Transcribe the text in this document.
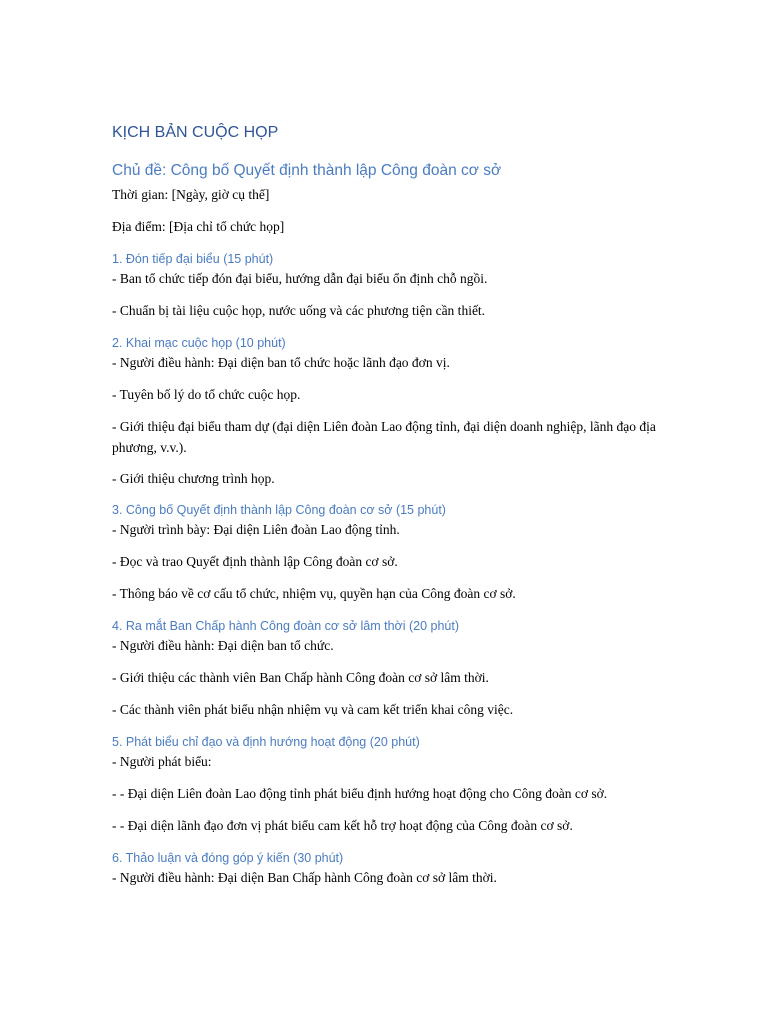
KỊCH BẢN CUỘC HỌP
Chủ đề: Công bố Quyết định thành lập Công đoàn cơ sở

Thời gian: [Ngày, giờ cụ thể]

Địa điểm: [Địa chỉ tổ chức họp]

1. Đón tiếp đại biểu (15 phút)

- Ban tổ chức tiếp đón đại biểu, hướng dẫn đại biểu ổn định chỗ ngồi.

- Chuẩn bị tài liệu cuộc họp, nước uống và các phương tiện cần thiết.

2. Khai mạc cuộc họp (10 phút)

- Người điều hành: Đại diện ban tổ chức hoặc lãnh đạo đơn vị.

- Tuyên bố lý do tổ chức cuộc họp.

- Giới thiệu đại biểu tham dự (đại diện Liên đoàn Lao động tỉnh, đại diện doanh nghiệp, lãnh đạo địa phương, v.v.).

- Giới thiệu chương trình họp.

3. Công bố Quyết định thành lập Công đoàn cơ sở (15 phút)

- Người trình bày: Đại diện Liên đoàn Lao động tỉnh.

- Đọc và trao Quyết định thành lập Công đoàn cơ sở.

- Thông báo về cơ cấu tổ chức, nhiệm vụ, quyền hạn của Công đoàn cơ sở.

4. Ra mắt Ban Chấp hành Công đoàn cơ sở lâm thời (20 phút)

- Người điều hành: Đại diện ban tổ chức.

- Giới thiệu các thành viên Ban Chấp hành Công đoàn cơ sở lâm thời.

- Các thành viên phát biểu nhận nhiệm vụ và cam kết triển khai công việc.

5. Phát biểu chỉ đạo và định hướng hoạt động (20 phút)

- Người phát biểu:

- - Đại diện Liên đoàn Lao động tỉnh phát biểu định hướng hoạt động cho Công đoàn cơ sở.

- - Đại diện lãnh đạo đơn vị phát biểu cam kết hỗ trợ hoạt động của Công đoàn cơ sở.

6. Thảo luận và đóng góp ý kiến (30 phút)

- Người điều hành: Đại diện Ban Chấp hành Công đoàn cơ sở lâm thời.
